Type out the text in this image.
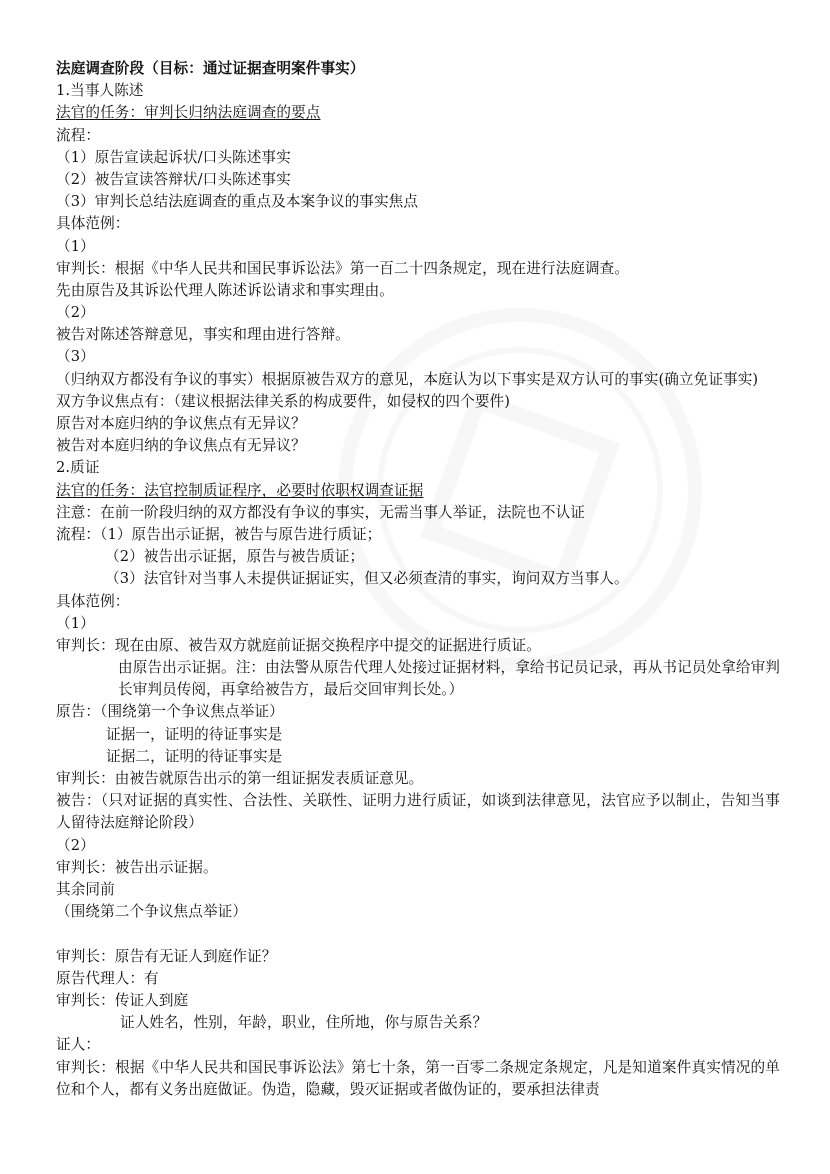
法庭调查阶段（目标：通过证据查明案件事实）
1.当事人陈述
法官的任务：审判长归纳法庭调查的要点
流程：
（1）原告宣读起诉状/口头陈述事实
（2）被告宣读答辩状/口头陈述事实
（3）审判长总结法庭调查的重点及本案争议的事实焦点
具体范例：
（1）
审判长：根据《中华人民共和国民事诉讼法》第一百二十四条规定，现在进行法庭调查。
先由原告及其诉讼代理人陈述诉讼请求和事实理由。
（2）
被告对陈述答辩意见，事实和理由进行答辩。
（3）
（归纳双方都没有争议的事实）根据原被告双方的意见，本庭认为以下事实是双方认可的事实(确立免证事实)
双方争议焦点有：（建议根据法律关系的构成要件，如侵权的四个要件)
原告对本庭归纳的争议焦点有无异议？
被告对本庭归纳的争议焦点有无异议？
2.质证
法官的任务：法官控制质证程序，必要时依职权调查证据
注意：在前一阶段归纳的双方都没有争议的事实，无需当事人举证，法院也不认证
流程：（1）原告出示证据，被告与原告进行质证；
（2）被告出示证据，原告与被告质证；
（3）法官针对当事人未提供证据证实，但又必须查清的事实，询问双方当事人。
具体范例：
（1）
审判长：现在由原、被告双方就庭前证据交换程序中提交的证据进行质证。
由原告出示证据。注：由法警从原告代理人处接过证据材料，拿给书记员记录，再从书记员处拿给审判长审判员传阅，再拿给被告方，最后交回审判长处。）
原告：（围绕第一个争议焦点举证）
证据一，证明的待证事实是
证据二，证明的待证事实是
审判长：由被告就原告出示的第一组证据发表质证意见。
被告：（只对证据的真实性、合法性、关联性、证明力进行质证，如谈到法律意见，法官应予以制止，告知当事人留待法庭辩论阶段）
（2）
审判长：被告出示证据。
其余同前
（围绕第二个争议焦点举证）
审判长：原告有无证人到庭作证？
原告代理人：有
审判长：传证人到庭
证人姓名，性别，年龄，职业，住所地，你与原告关系？
证人：
审判长：根据《中华人民共和国民事诉讼法》第七十条，第一百零二条规定条规定，凡是知道案件真实情况的单位和个人，都有义务出庭做证。伪造，隐藏，毁灭证据或者做伪证的，要承担法律责
